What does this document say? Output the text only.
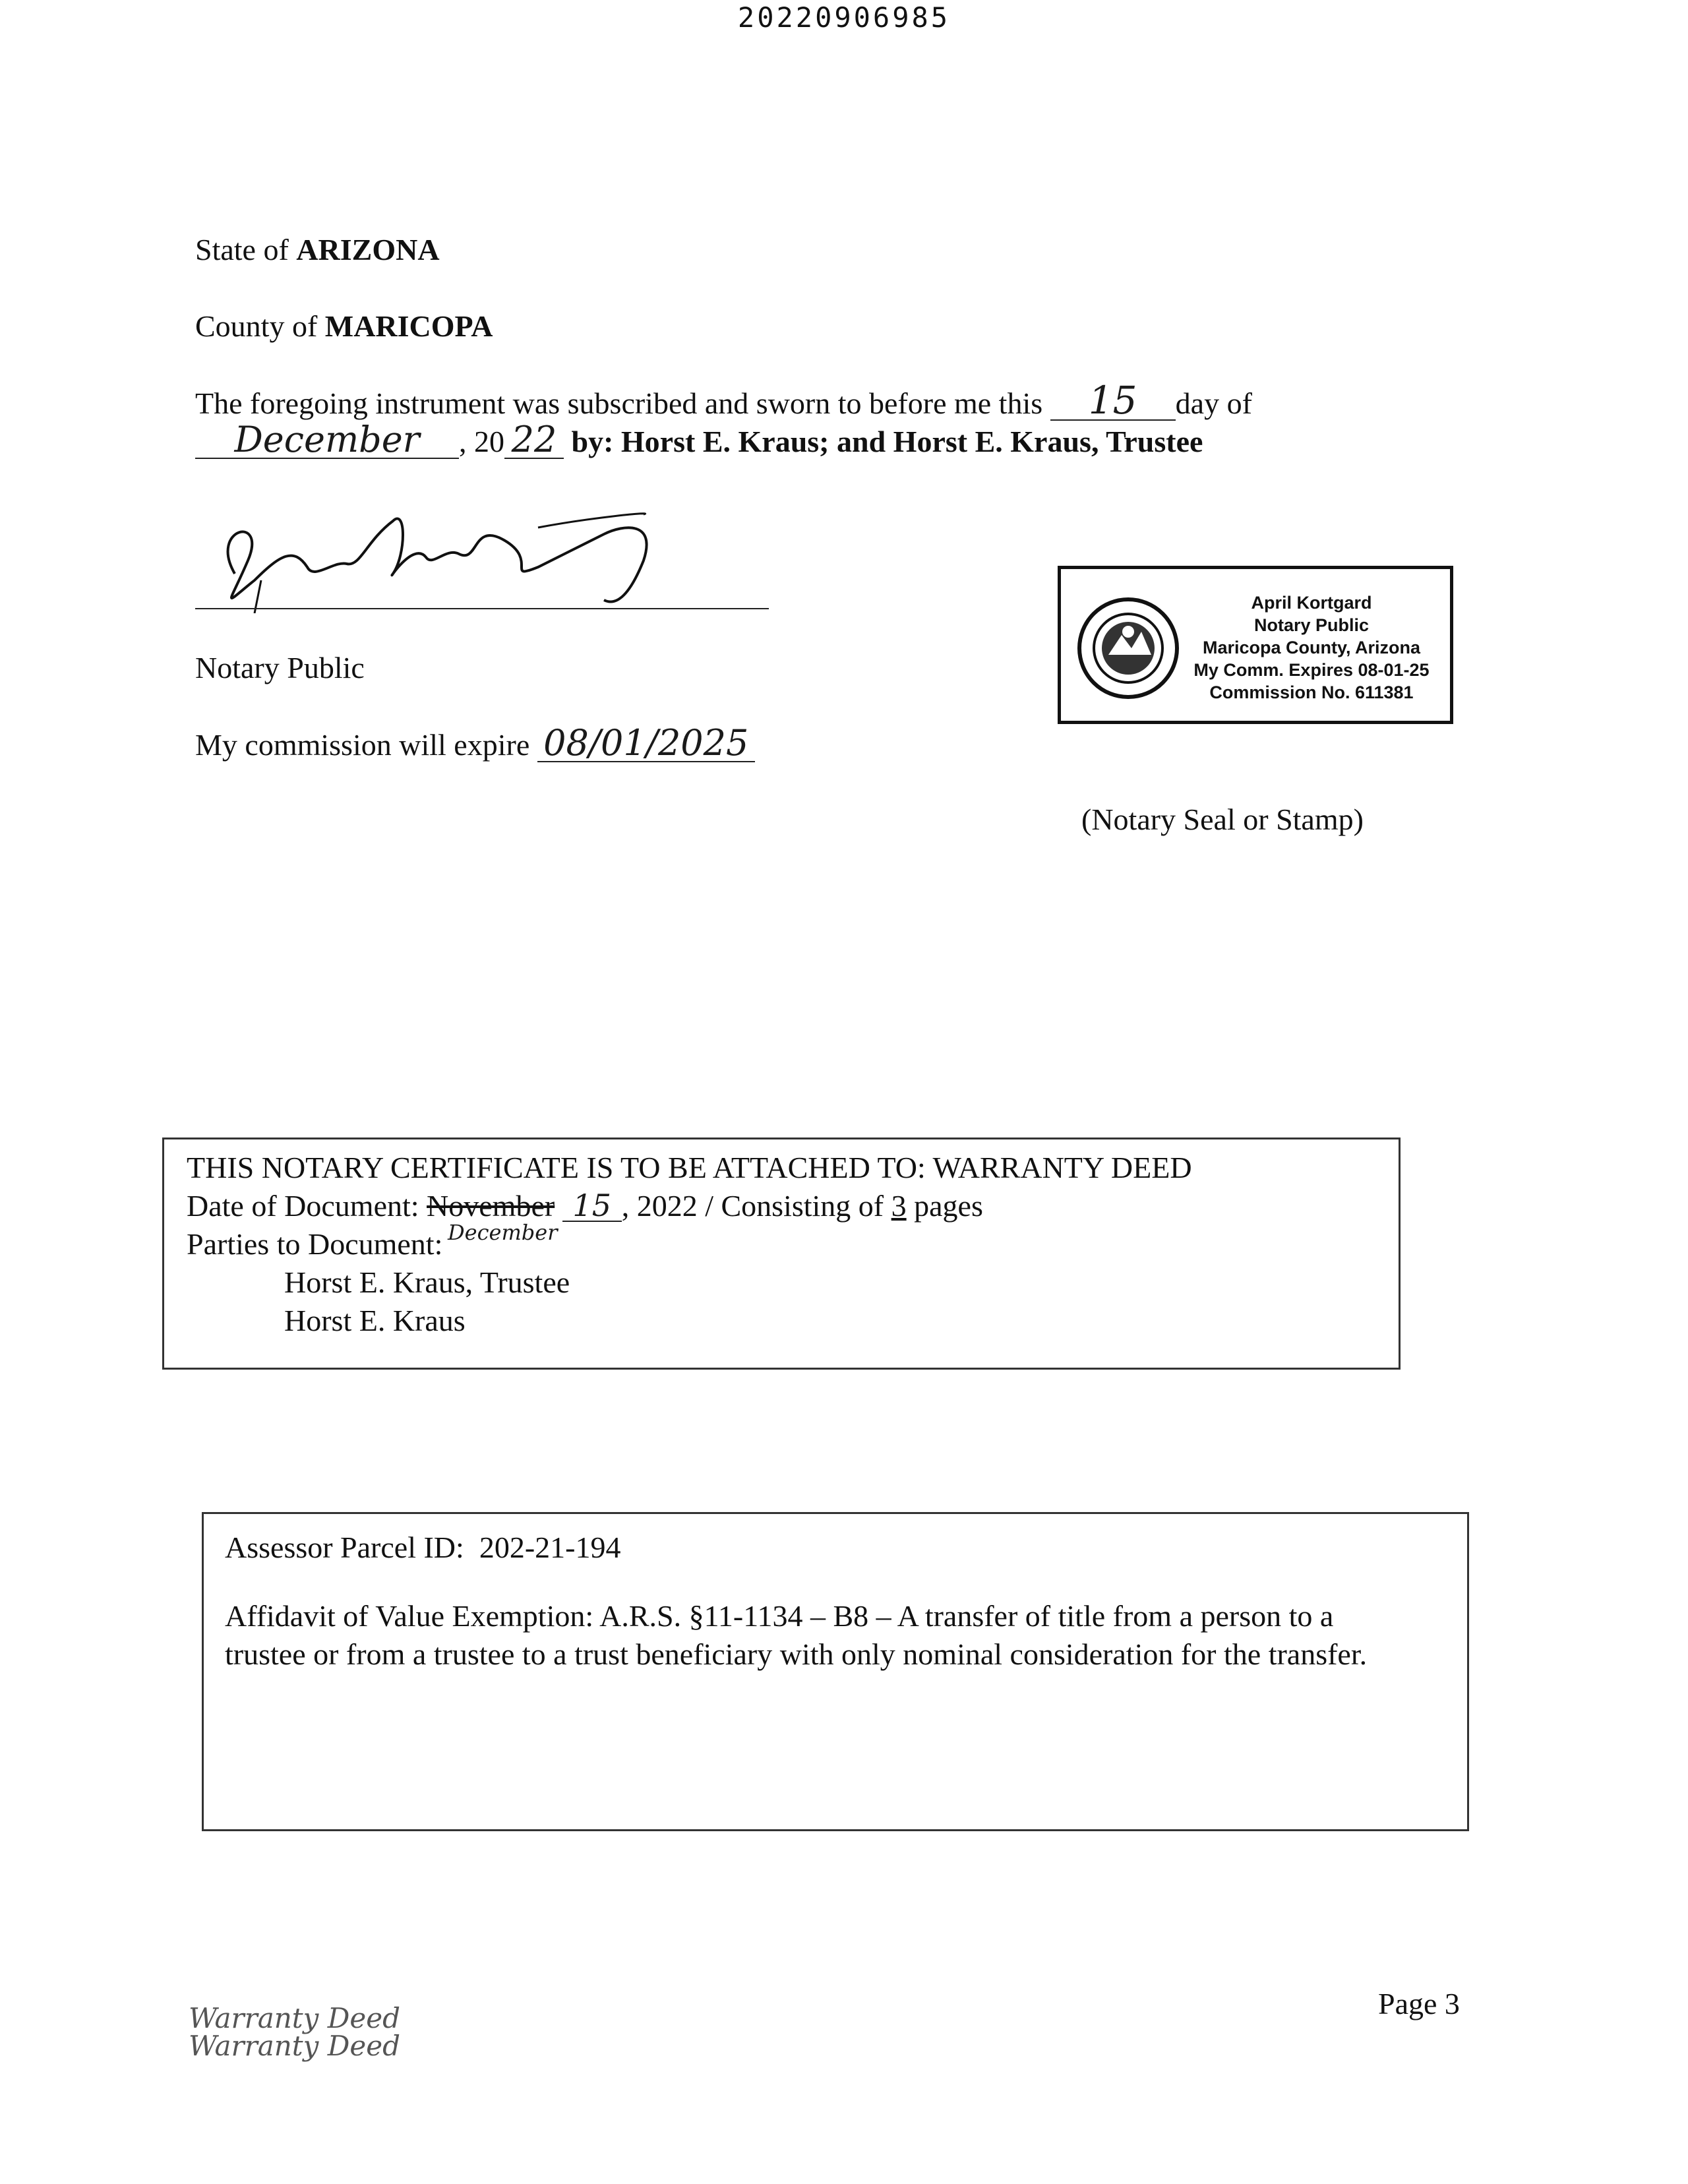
20220906985
State of ARIZONA
County of MARICOPA
The foregoing instrument was subscribed and sworn to before me this 15 day of
December , 20 22 by: Horst E. Kraus; and Horst E. Kraus, Trustee
Notary Public
My commission will expire 08/01/2025
April Kortgard
Notary Public
Maricopa County, Arizona
My Comm. Expires 08-01-25
Commission No. 611381
(Notary Seal or Stamp)
THIS NOTARY CERTIFICATE IS TO BE ATTACHED TO: WARRANTY DEED
Date of Document: November 15 , 2022 / Consisting of 3 pages
December
Parties to Document:
Horst E. Kraus, Trustee
Horst E. Kraus
Assessor Parcel ID: 202-21-194
Affidavit of Value Exemption: A.R.S. §11-1134 – B8 – A transfer of title from a person to a
trustee or from a trustee to a trust beneficiary with only nominal consideration for the transfer.
Warranty Deed
Warranty Deed
Page 3
